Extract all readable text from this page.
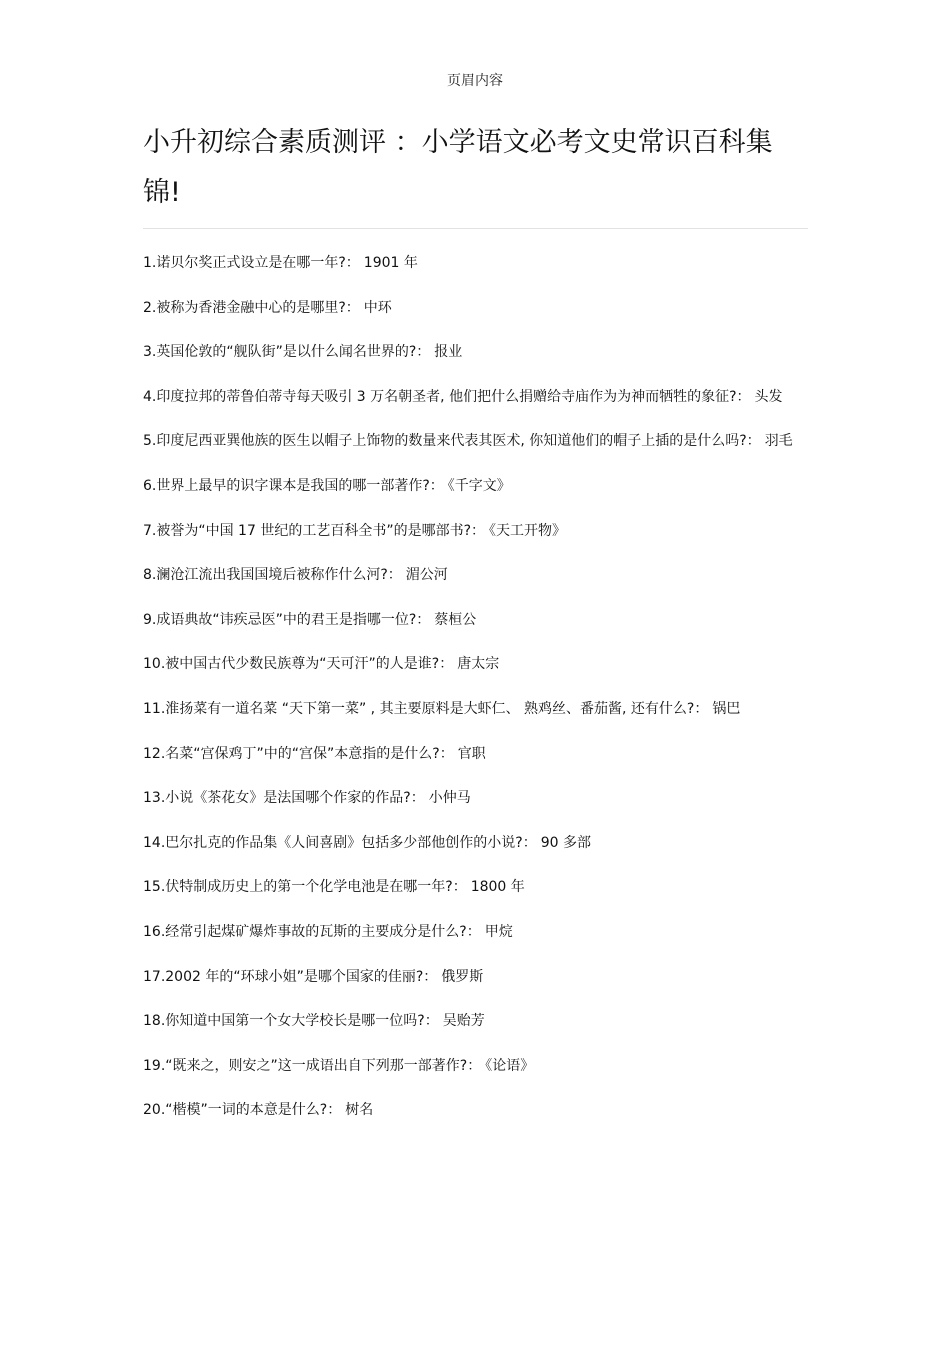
页眉内容
小升初综合素质测评 ：小学语文必考文史常识百科集锦!
1.诺贝尔奖正式设立是在哪一年?： 1901 年
2.被称为香港金融中心的是哪里?： 中环
3.英国伦敦的“舰队街”是以什么闻名世界的?： 报业
4.印度拉邦的蒂鲁伯蒂寺每天吸引 3 万名朝圣者, 他们把什么捐赠给寺庙作为为神而牺牲的象征?： 头发
5.印度尼西亚巽他族的医生以帽子上饰物的数量来代表其医术, 你知道他们的帽子上插的是什么吗?： 羽毛
6.世界上最早的识字课本是我国的哪一部著作?： 《千字文》
7.被誉为“中国 17 世纪的工艺百科全书”的是哪部书?： 《天工开物》
8.澜沧江流出我国国境后被称作什么河?： 湄公河
9.成语典故“讳疾忌医”中的君王是指哪一位?： 蔡桓公
10.被中国古代少数民族尊为“天可汗”的人是谁?： 唐太宗
11.淮扬菜有一道名菜 “天下第一菜” , 其主要原料是大虾仁、 熟鸡丝、番茄酱, 还有什么?： 锅巴
12.名菜“宫保鸡丁”中的“宫保”本意指的是什么?： 官职
13.小说《茶花女》是法国哪个作家的作品?： 小仲马
14.巴尔扎克的作品集《人间喜剧》包括多少部他创作的小说?： 90 多部
15.伏特制成历史上的第一个化学电池是在哪一年?： 1800 年
16.经常引起煤矿爆炸事故的瓦斯的主要成分是什么?： 甲烷
17.2002 年的“环球小姐”是哪个国家的佳丽?： 俄罗斯
18.你知道中国第一个女大学校长是哪一位吗?： 吴贻芳
19.“既来之，则安之”这一成语出自下列那一部著作?： 《论语》
20.“楷模”一词的本意是什么?： 树名
